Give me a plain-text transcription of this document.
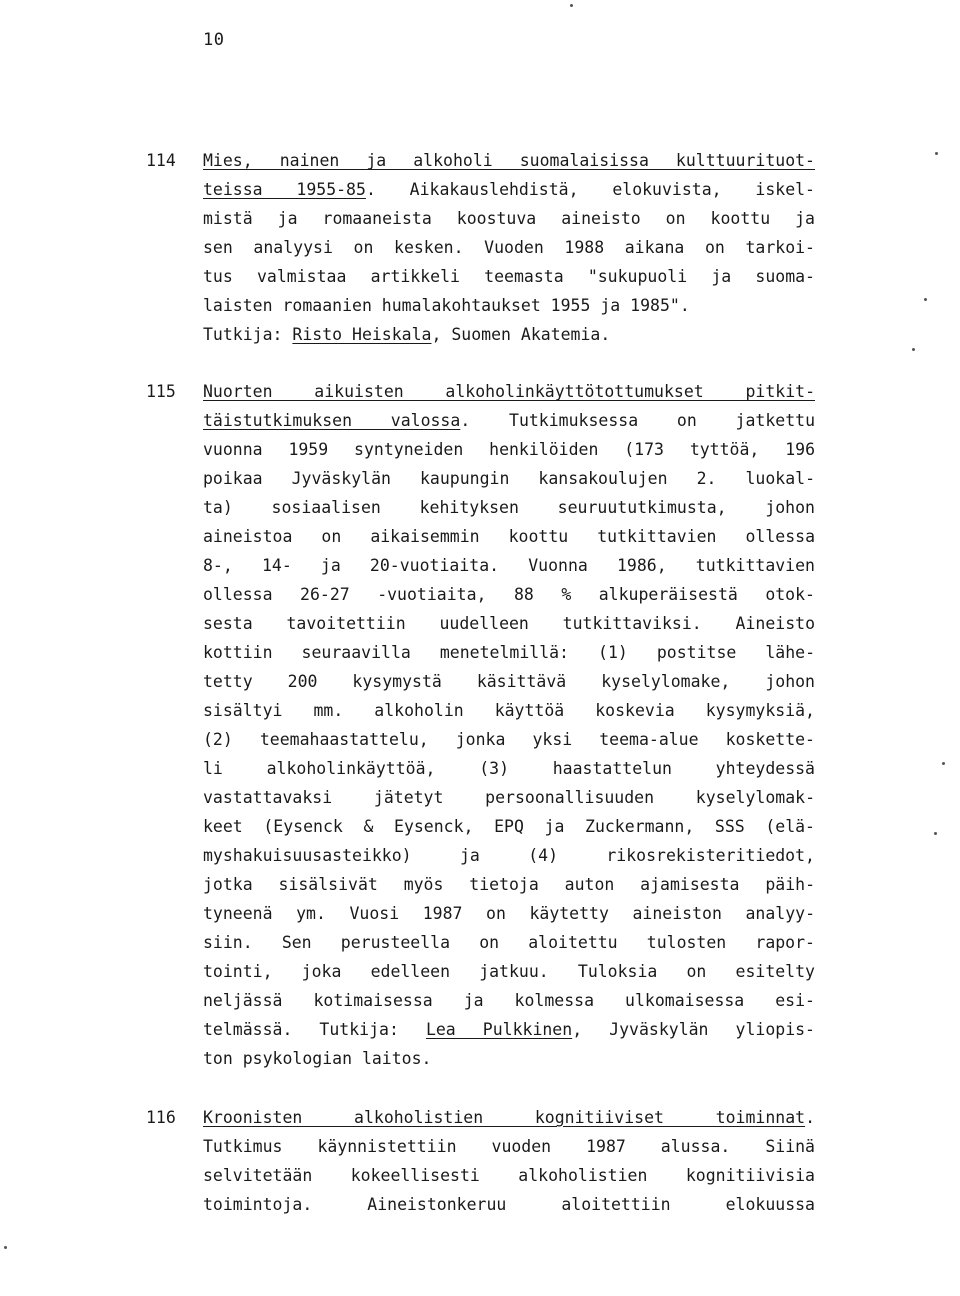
10
114 Mies, nainen ja alkoholi suomalaisissa kulttuurituot-
teissa 1955-85. Aikakauslehdistä, elokuvista, iskel-
mistä ja romaaneista koostuva aineisto on koottu ja
sen analyysi on kesken. Vuoden 1988 aikana on tarkoi-
tus valmistaa artikkeli teemasta "sukupuoli ja suoma-
laisten romaanien humalakohtaukset 1955 ja 1985".
Tutkija: Risto Heiskala, Suomen Akatemia.
115 Nuorten aikuisten alkoholinkäyttötottumukset pitkit-
täistutkimuksen valossa. Tutkimuksessa on jatkettu
vuonna 1959 syntyneiden henkilöiden (173 tyttöä, 196
poikaa Jyväskylän kaupungin kansakoulujen 2. luokal-
ta) sosiaalisen kehityksen seuruututkimusta, johon
aineistoa on aikaisemmin koottu tutkittavien ollessa
8-, 14- ja 20-vuotiaita. Vuonna 1986, tutkittavien
ollessa 26-27 -vuotiaita, 88 % alkuperäisestä otok-
sesta tavoitettiin uudelleen tutkittaviksi. Aineisto
kottiin seuraavilla menetelmillä: (1) postitse lähe-
tetty 200 kysymystä käsittävä kyselylomake, johon
sisältyi mm. alkoholin käyttöä koskevia kysymyksiä,
(2) teemahaastattelu, jonka yksi teema-alue koskette-
li alkoholinkäyttöä, (3) haastattelun yhteydessä
vastattavaksi jätetyt persoonallisuuden kyselylomak-
keet (Eysenck & Eysenck, EPQ ja Zuckermann, SSS (elä-
myshakuisuusasteikko) ja (4) rikosrekisteritiedot,
jotka sisälsivät myös tietoja auton ajamisesta päih-
tyneenä ym. Vuosi 1987 on käytetty aineiston analyy-
siin. Sen perusteella on aloitettu tulosten rapor-
tointi, joka edelleen jatkuu. Tuloksia on esitelty
neljässä kotimaisessa ja kolmessa ulkomaisessa esi-
telmässä. Tutkija: Lea Pulkkinen, Jyväskylän yliopis-
ton psykologian laitos.
116 Kroonisten alkoholistien kognitiiviset toiminnat.
Tutkimus käynnistettiin vuoden 1987 alussa. Siinä
selvitetään kokeellisesti alkoholistien kognitiivisia
toimintoja. Aineistonkeruu aloitettiin elokuussa
